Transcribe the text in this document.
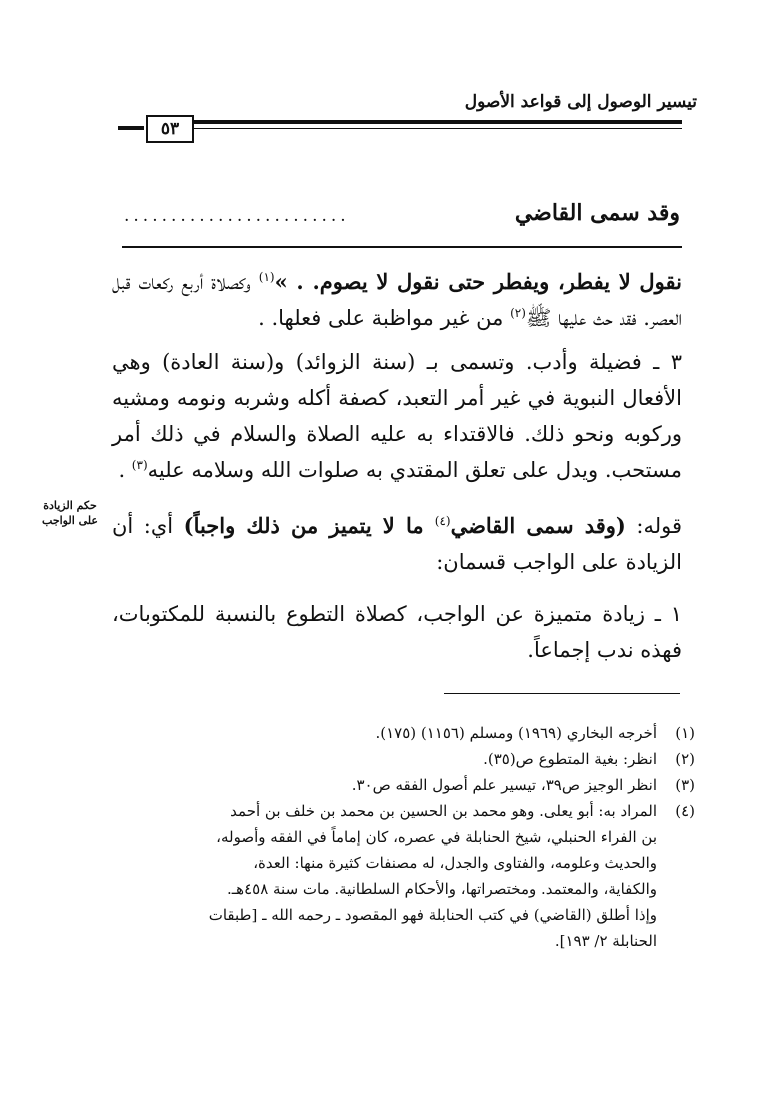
تيسير الوصول إلى قواعد الأصول
٥٣
وقد سمى القاضي
........................
نقول لا يفطر، ويفطر حتى نقول لا يصوم. . »$^{(١)}$ وكصلاة أربع ركعات قبل العصر. فقد حث عليها ﷺ$^{(٢)}$ من غير مواظبة على فعلها. .
٣ ـ فضيلة وأدب. وتسمى بـ (سنة الزوائد) و(سنة العادة) وهي الأفعال النبوية في غير أمر التعبد، كصفة أكله وشربه ونومه ومشيه وركوبه ونحو ذلك. فالاقتداء به عليه الصلاة والسلام في ذلك أمر مستحب. ويدل على تعلق المقتدي به صلوات الله وسلامه عليه$^{(٣)}$ .
حكم الزيادة
على الواجب	قوله: (وقد سمى القاضي$^{(٤)}$ ما لا يتميز من ذلك واجباً) أي: أن الزيادة على الواجب قسمان:
١ ـ زيادة متميزة عن الواجب، كصلاة التطوع بالنسبة للمكتوبات، فهذه ندب إجماعاً.
(١)
أخرجه البخاري (١٩٦٩) ومسلم (١١٥٦) (١٧٥).
(٢)
انظر: بغية المتطوع ص(٣٥).
(٣)
انظر الوجيز ص٣٩، تيسير علم أصول الفقه ص٣٠.
(٤)
المراد به: أبو يعلى. وهو محمد بن الحسين بن محمد بن خلف بن أحمد
بن الفراء الحنبلي، شيخ الحنابلة في عصره، كان إماماً في الفقه وأصوله،
والحديث وعلومه، والفتاوى والجدل، له مصنفات كثيرة منها: العدة،
والكفاية، والمعتمد. ومختصراتها، والأحكام السلطانية. مات سنة ٤٥٨هـ.
وإذا أطلق (القاضي) في كتب الحنابلة فهو المقصود ـ رحمه الله ـ [طبقات
الحنابلة ٢/ ١٩٣].
